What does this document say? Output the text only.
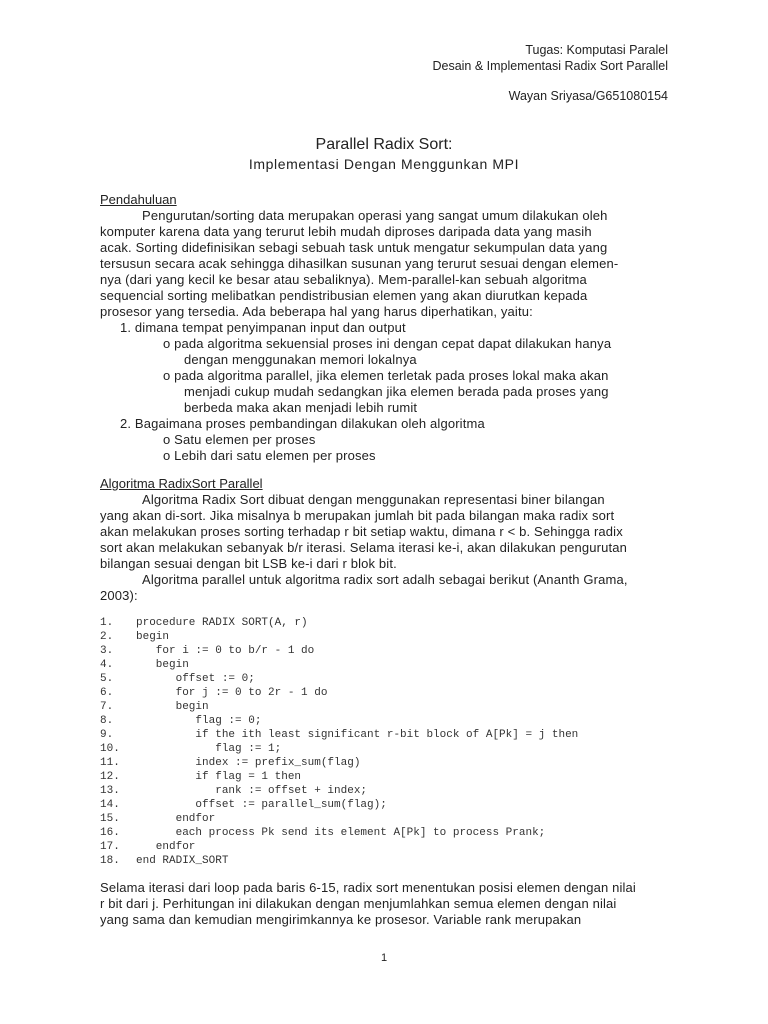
Tugas: Komputasi Paralel
Desain & Implementasi Radix Sort Parallel
Wayan Sriyasa/G651080154
Parallel Radix Sort:
Implementasi Dengan Menggunkan MPI
Pendahuluan
Pengurutan/sorting data merupakan operasi yang sangat umum dilakukan oleh
komputer karena data yang terurut lebih mudah diproses daripada data yang masih
acak. Sorting didefinisikan sebagi sebuah task untuk mengatur sekumpulan data yang
tersusun secara acak sehingga dihasilkan susunan yang terurut sesuai dengan elemen-
nya (dari yang kecil ke besar atau sebaliknya). Mem-parallel-kan sebuah algoritma
sequencial sorting melibatkan pendistribusian elemen yang akan diurutkan kepada
prosesor yang tersedia. Ada beberapa hal yang harus diperhatikan, yaitu:
1. dimana tempat penyimpanan input dan output
o pada algoritma sekuensial proses ini dengan cepat dapat dilakukan hanya
dengan menggunakan memori lokalnya
o pada algoritma parallel, jika elemen terletak pada proses lokal maka akan
menjadi cukup mudah sedangkan jika elemen berada pada proses yang
berbeda maka akan menjadi lebih rumit
2. Bagaimana proses pembandingan dilakukan oleh algoritma
o Satu elemen per proses
o Lebih dari satu elemen per proses
Algoritma RadixSort Parallel
Algoritma Radix Sort dibuat dengan menggunakan representasi biner bilangan
yang akan di-sort. Jika misalnya b merupakan jumlah bit pada bilangan maka radix sort
akan melakukan proses sorting terhadap r bit setiap waktu, dimana r < b. Sehingga radix
sort akan melakukan sebanyak b/r iterasi. Selama iterasi ke-i, akan dilakukan pengurutan
bilangan sesuai dengan bit LSB ke-i dari r blok bit.
Algoritma parallel untuk algoritma radix sort adalh sebagai berikut (Ananth Grama,
2003):
1. procedure RADIX SORT(A, r)
2. begin
3.   for i := 0 to b/r - 1 do
4.   begin
5.      offset := 0;
6.      for j := 0 to 2r - 1 do
7.      begin
8.         flag := 0;
9.         if the ith least significant r-bit block of A[Pk] = j then
10.            flag := 1;
11.         index := prefix_sum(flag)
12.         if flag = 1 then
13.            rank := offset + index;
14.         offset := parallel_sum(flag);
15.      endfor
16.      each process Pk send its element A[Pk] to process Prank;
17.   endfor
18. end RADIX_SORT
Selama iterasi dari loop pada baris 6-15, radix sort menentukan posisi elemen dengan nilai
r bit dari j. Perhitungan ini dilakukan dengan menjumlahkan semua elemen dengan nilai
yang sama dan kemudian mengirimkannya ke prosesor. Variable rank merupakan
1
